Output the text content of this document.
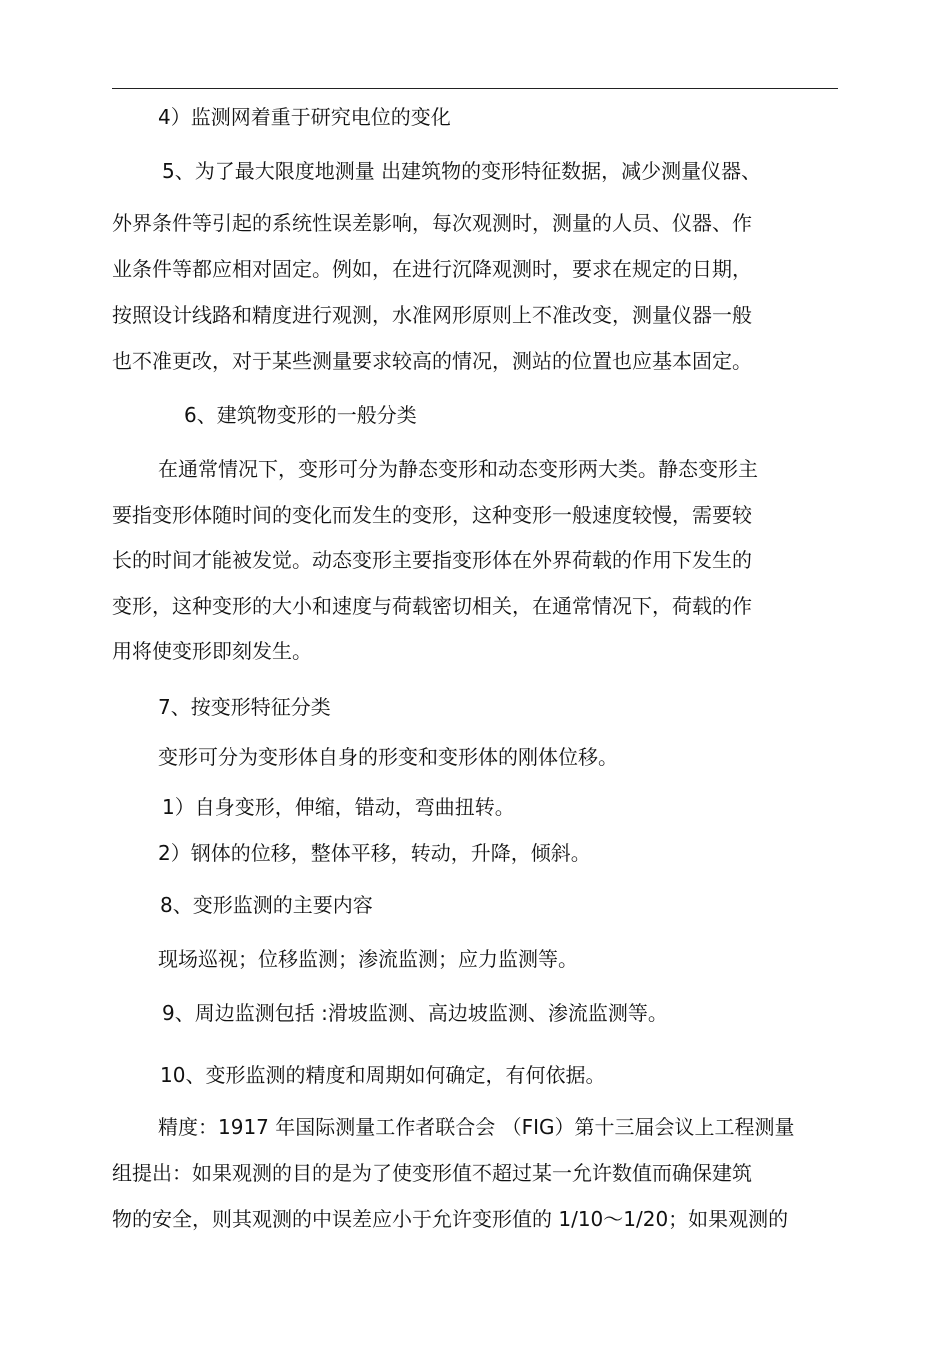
4）监测网着重于研究电位的变化
5、为了最大限度地测量 出建筑物的变形特征数据，减少测量仪器、
外界条件等引起的系统性误差影响，每次观测时，测量的人员、仪器、作
业条件等都应相对固定。例如，在进行沉降观测时，要求在规定的日期，
按照设计线路和精度进行观测，水准网形原则上不准改变，测量仪器一般
也不准更改，对于某些测量要求较高的情况，测站的位置也应基本固定。
6、建筑物变形的一般分类
在通常情况下，变形可分为静态变形和动态变形两大类。静态变形主
要指变形体随时间的变化而发生的变形，这种变形一般速度较慢，需要较
长的时间才能被发觉。动态变形主要指变形体在外界荷载的作用下发生的
变形，这种变形的大小和速度与荷载密切相关，在通常情况下，荷载的作
用将使变形即刻发生。
7、按变形特征分类
变形可分为变形体自身的形变和变形体的刚体位移。
1）自身变形，伸缩，错动，弯曲扭转。
2）钢体的位移，整体平移，转动，升降，倾斜。
8、变形监测的主要内容
现场巡视；位移监测；渗流监测；应力监测等。
9、周边监测包括 :滑坡监测、高边坡监测、渗流监测等。
10、变形监测的精度和周期如何确定，有何依据。
精度：1917 年国际测量工作者联合会 （FIG）第十三届会议上工程测量
组提出：如果观测的目的是为了使变形值不超过某一允许数值而确保建筑
物的安全，则其观测的中误差应小于允许变形值的 1/10～1/20；如果观测的
